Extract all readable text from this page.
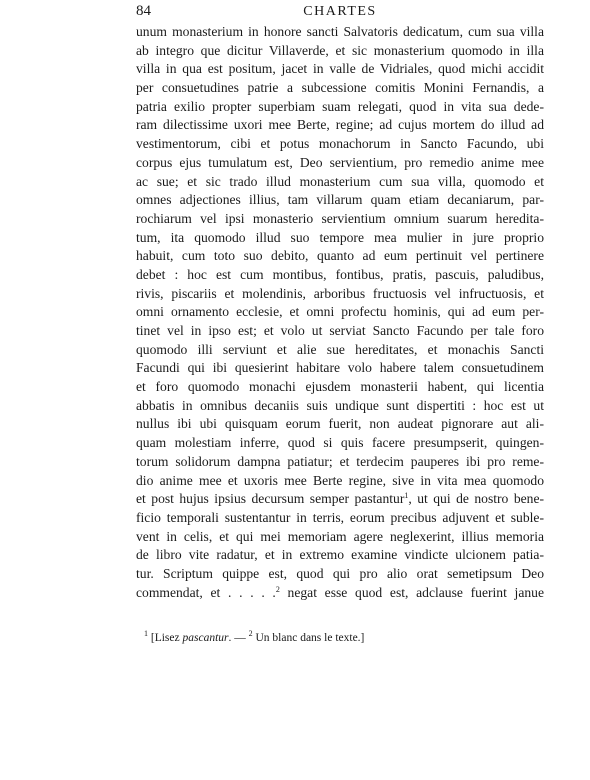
84	CHARTES
unum monasterium in honore sancti Salvatoris dedicatum, cum sua villa
ab integro que dicitur Villaverde, et sic monasterium quomodo in illa
villa in qua est positum, jacet in valle de Vidriales, quod michi accidit
per consuetudines patrie a subcessione comitis Monini Fernandis, a
patria exilio propter superbiam suam relegati, quod in vita sua dede-
ram dilectissime uxori mee Berte, regine; ad cujus mortem do illud ad
vestimentorum, cibi et potus monachorum in Sancto Facundo, ubi
corpus ejus tumulatum est, Deo servientium, pro remedio anime mee
ac sue; et sic trado illud monasterium cum sua villa, quomodo et
omnes adjectiones illius, tam villarum quam etiam decaniarum, par-
rochiarum vel ipsi monasterio servientium omnium suarum heredita-
tum, ita quomodo illud suo tempore mea mulier in jure proprio
habuit, cum toto suo debito, quanto ad eum pertinuit vel pertinere
debet : hoc est cum montibus, fontibus, pratis, pascuis, paludibus,
rivis, piscariis et molendinis, arboribus fructuosis vel infructuosis, et
omni ornamento ecclesie, et omni profectu hominis, qui ad eum per-
tinet vel in ipso est; et volo ut serviat Sancto Facundo per tale foro
quomodo illi serviunt et alie sue hereditates, et monachis Sancti
Facundi qui ibi quesierint habitare volo habere talem consuetudinem
et foro quomodo monachi ejusdem monasterii habent, qui licentia
abbatis in omnibus decaniis suis undique sunt dispertiti : hoc est ut
nullus ibi ubi quisquam eorum fuerit, non audeat pignorare aut ali-
quam molestiam inferre, quod si quis facere presumpserit, quingen-
torum solidorum dampna patiatur; et terdecim pauperes ibi pro reme-
dio anime mee et uxoris mee Berte regine, sive in vita mea quomodo
et post hujus ipsius decursum semper pastantur$^1$, ut qui de nostro bene-
ficio temporali sustentantur in terris, eorum precibus adjuvent et suble-
vent in celis, et qui mei memoriam agere neglexerint, illius memoria
de libro vite radatur, et in extremo examine vindicte ulcionem patia-
tur. Scriptum quippe est, quod qui pro alio orat semetipsum Deo
commendat, et . . . . .$^2$ negat esse quod est, adclause fuerint janue
$^1$ [Lisez pascantur. — $^2$ Un blanc dans le texte.]
